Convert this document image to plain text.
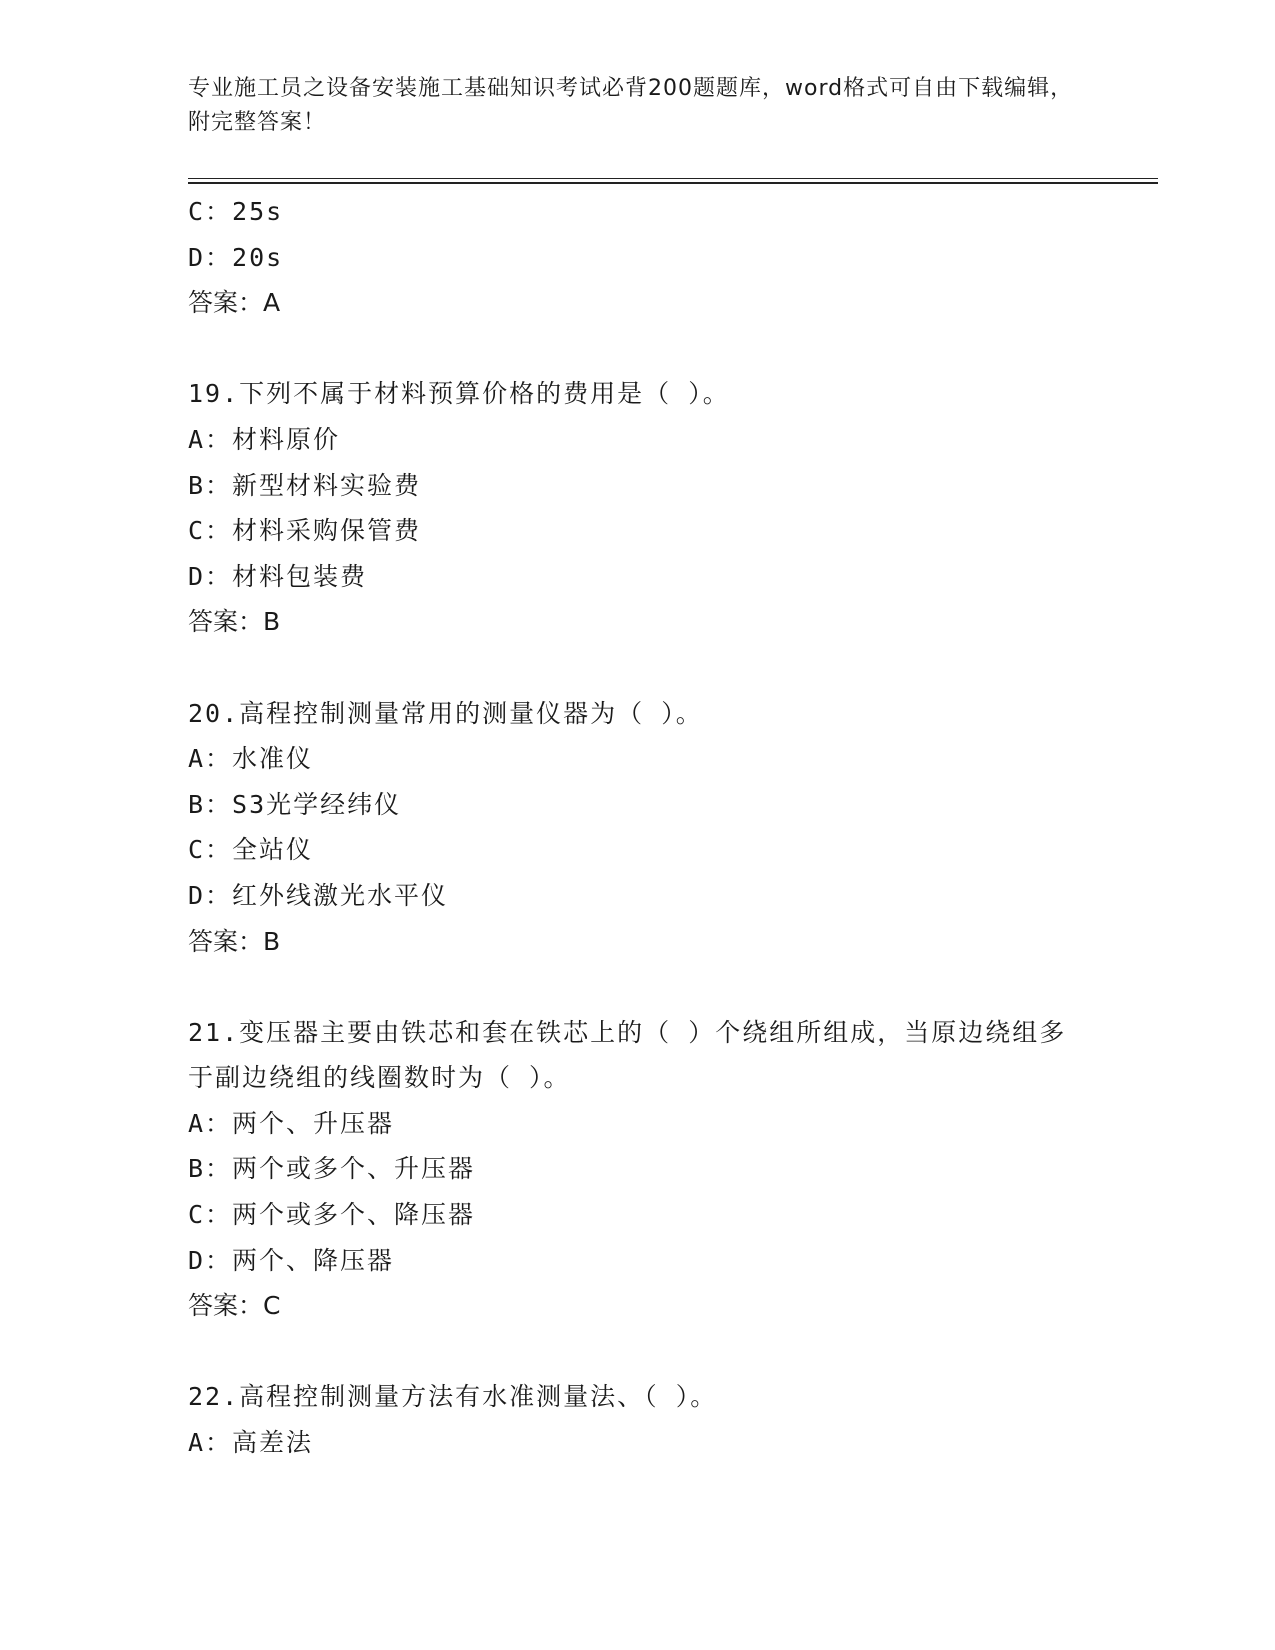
专业施工员之设备安装施工基础知识考试必背200题题库，word格式可自由下载编辑，附完整答案！
C：25s
D：20s
答案：A
19.下列不属于材料预算价格的费用是（ ）。
A：材料原价
B：新型材料实验费
C：材料采购保管费
D：材料包装费
答案：B
20.高程控制测量常用的测量仪器为（ ）。
A：水准仪
B：S3光学经纬仪
C：全站仪
D：红外线激光水平仪
答案：B
21.变压器主要由铁芯和套在铁芯上的（ ）个绕组所组成，当原边绕组多于副边绕组的线圈数时为（ ）。
A：两个、升压器
B：两个或多个、升压器
C：两个或多个、降压器
D：两个、降压器
答案：C
22.高程控制测量方法有水准测量法、（ ）。
A：高差法
